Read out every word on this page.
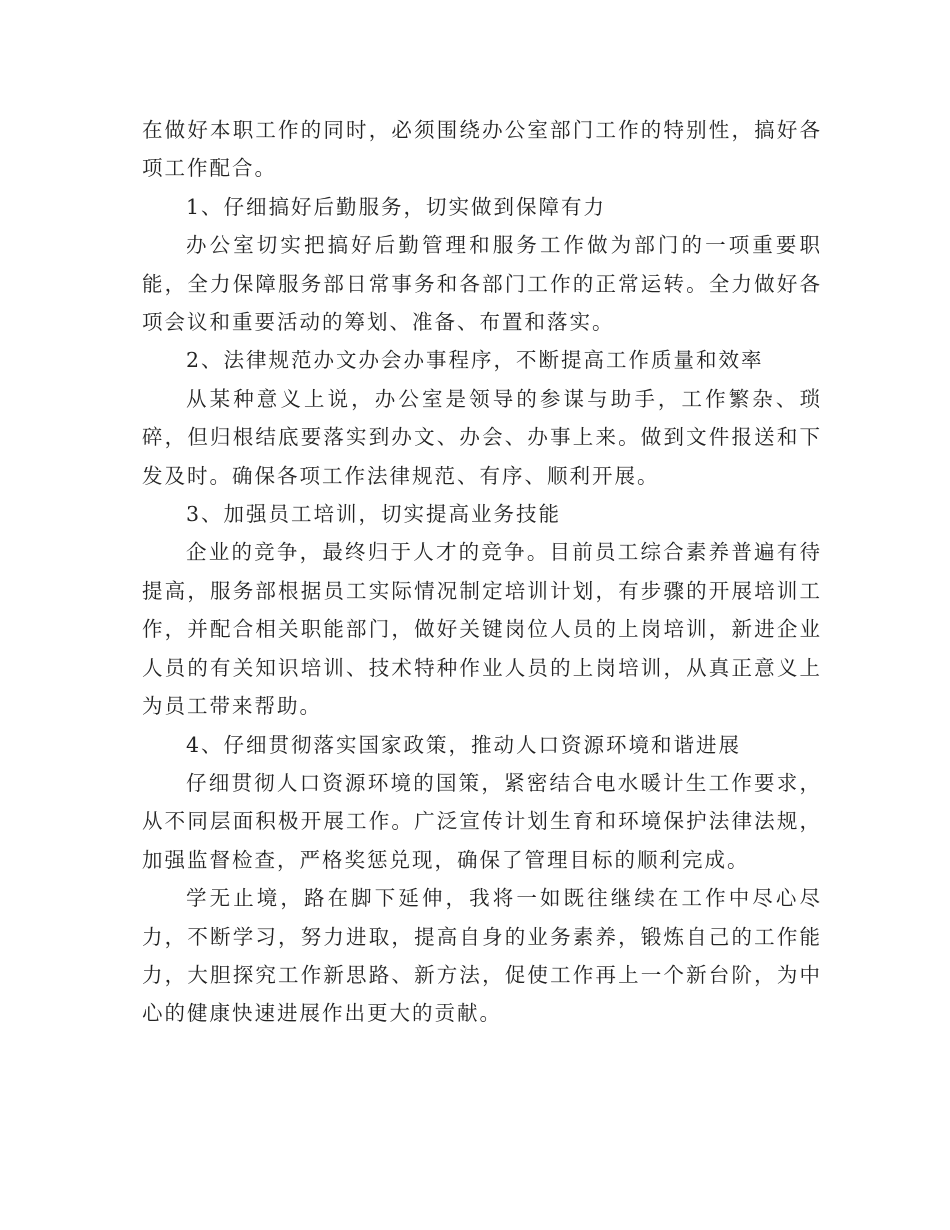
在做好本职工作的同时，必须围绕办公室部门工作的特别性，搞好各项工作配合。

1、仔细搞好后勤服务，切实做到保障有力

办公室切实把搞好后勤管理和服务工作做为部门的一项重要职能，全力保障服务部日常事务和各部门工作的正常运转。全力做好各项会议和重要活动的筹划、准备、布置和落实。

2、法律规范办文办会办事程序，不断提高工作质量和效率

从某种意义上说，办公室是领导的参谋与助手，工作繁杂、琐碎，但归根结底要落实到办文、办会、办事上来。做到文件报送和下发及时。确保各项工作法律规范、有序、顺利开展。

3、加强员工培训，切实提高业务技能

企业的竞争，最终归于人才的竞争。目前员工综合素养普遍有待提高，服务部根据员工实际情况制定培训计划，有步骤的开展培训工作，并配合相关职能部门，做好关键岗位人员的上岗培训，新进企业人员的有关知识培训、技术特种作业人员的上岗培训，从真正意义上为员工带来帮助。

4、仔细贯彻落实国家政策，推动人口资源环境和谐进展

仔细贯彻人口资源环境的国策，紧密结合电水暖计生工作要求，从不同层面积极开展工作。广泛宣传计划生育和环境保护法律法规，加强监督检查，严格奖惩兑现，确保了管理目标的顺利完成。

学无止境，路在脚下延伸，我将一如既往继续在工作中尽心尽力，不断学习，努力进取，提高自身的业务素养，锻炼自己的工作能力，大胆探究工作新思路、新方法，促使工作再上一个新台阶，为中心的健康快速进展作出更大的贡献。
